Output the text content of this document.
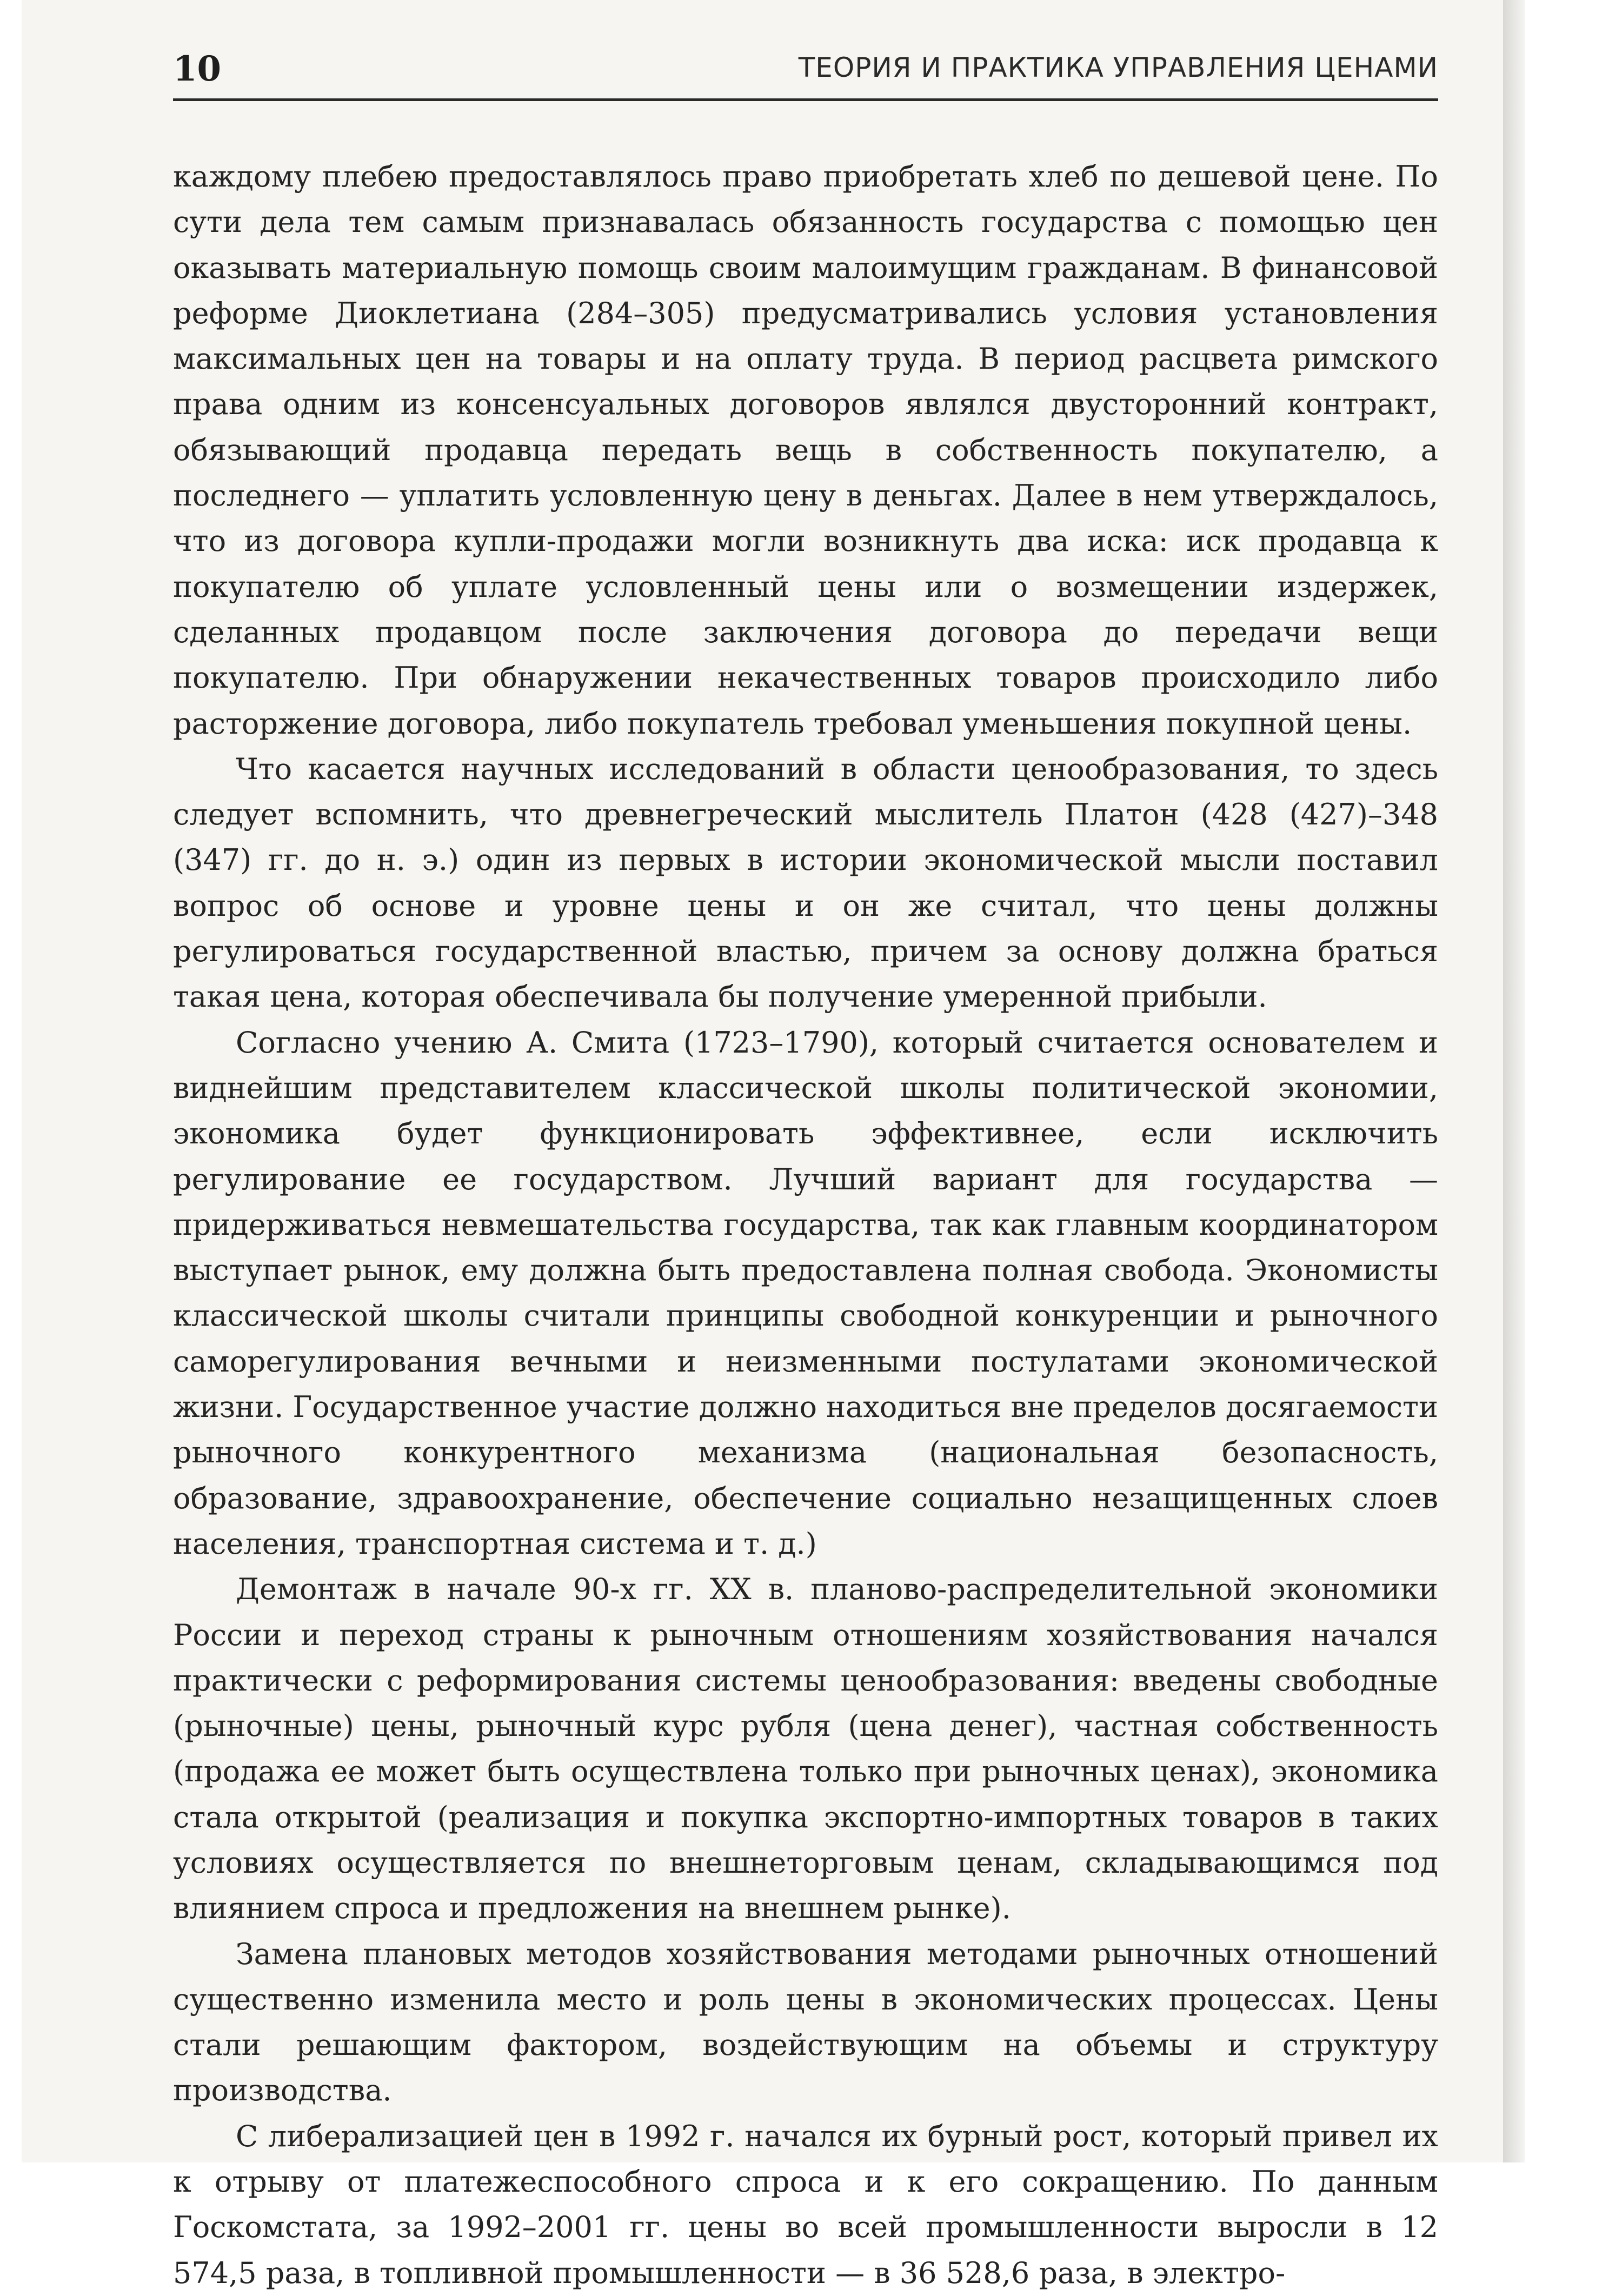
10	ТЕОРИЯ И ПРАКТИКА УПРАВЛЕНИЯ ЦЕНАМИ

каждому плебею предоставлялось право приобретать хлеб по дешевой цене. По сути дела тем самым признавалась обязанность государства с помощью цен оказывать материальную помощь своим малоимущим гражданам. В финансовой реформе Диоклетиана (284–305) предусматривались условия установления максимальных цен на товары и на оплату труда. В период расцвета римского права одним из консенсуальных договоров являлся двусторонний контракт, обязывающий продавца передать вещь в собственность покупателю, а последнего — уплатить условленную цену в деньгах. Далее в нем утверждалось, что из договора купли-продажи могли возникнуть два иска: иск продавца к покупателю об уплате условленный цены или о возмещении издержек, сделанных продавцом после заключения договора до передачи вещи покупателю. При обнаружении некачественных товаров происходило либо расторжение договора, либо покупатель требовал уменьшения покупной цены.

Что касается научных исследований в области ценообразования, то здесь следует вспомнить, что древнегреческий мыслитель Платон (428 (427)–348 (347) гг. до н. э.) один из первых в истории экономической мысли поставил вопрос об основе и уровне цены и он же считал, что цены должны регулироваться государственной властью, причем за основу должна браться такая цена, которая обеспечивала бы получение умеренной прибыли.

Согласно учению А. Смита (1723–1790), который считается основателем и виднейшим представителем классической школы политической экономии, экономика будет функционировать эффективнее, если исключить регулирование ее государством. Лучший вариант для государства — придерживаться невмешательства государства, так как главным координатором выступает рынок, ему должна быть предоставлена полная свобода. Экономисты классической школы считали принципы свободной конкуренции и рыночного саморегулирования вечными и неизменными постулатами экономической жизни. Государственное участие должно находиться вне пределов досягаемости рыночного конкурентного механизма (национальная безопасность, образование, здравоохранение, обеспечение социально незащищенных слоев населения, транспортная система и т. д.)

Демонтаж в начале 90-х гг. XX в. планово-распределительной экономики России и переход страны к рыночным отношениям хозяйствования начался практически с реформирования системы ценообразования: введены свободные (рыночные) цены, рыночный курс рубля (цена денег), частная собственность (продажа ее может быть осуществлена только при рыночных ценах), экономика стала открытой (реализация и покупка экспортно-импортных товаров в таких условиях осуществляется по внешнеторговым ценам, складывающимся под влиянием спроса и предложения на внешнем рынке).

Замена плановых методов хозяйствования методами рыночных отношений существенно изменила место и роль цены в экономических процессах. Цены стали решающим фактором, воздействующим на объемы и структуру производства.

С либерализацией цен в 1992 г. начался их бурный рост, который привел их к отрыву от платежеспособного спроса и к его сокращению. По данным Госкомстата, за 1992–2001 гг. цены во всей промышленности выросли в 12 574,5 раза, в топливной промышленности — в 36 528,6 раза, в электро-
